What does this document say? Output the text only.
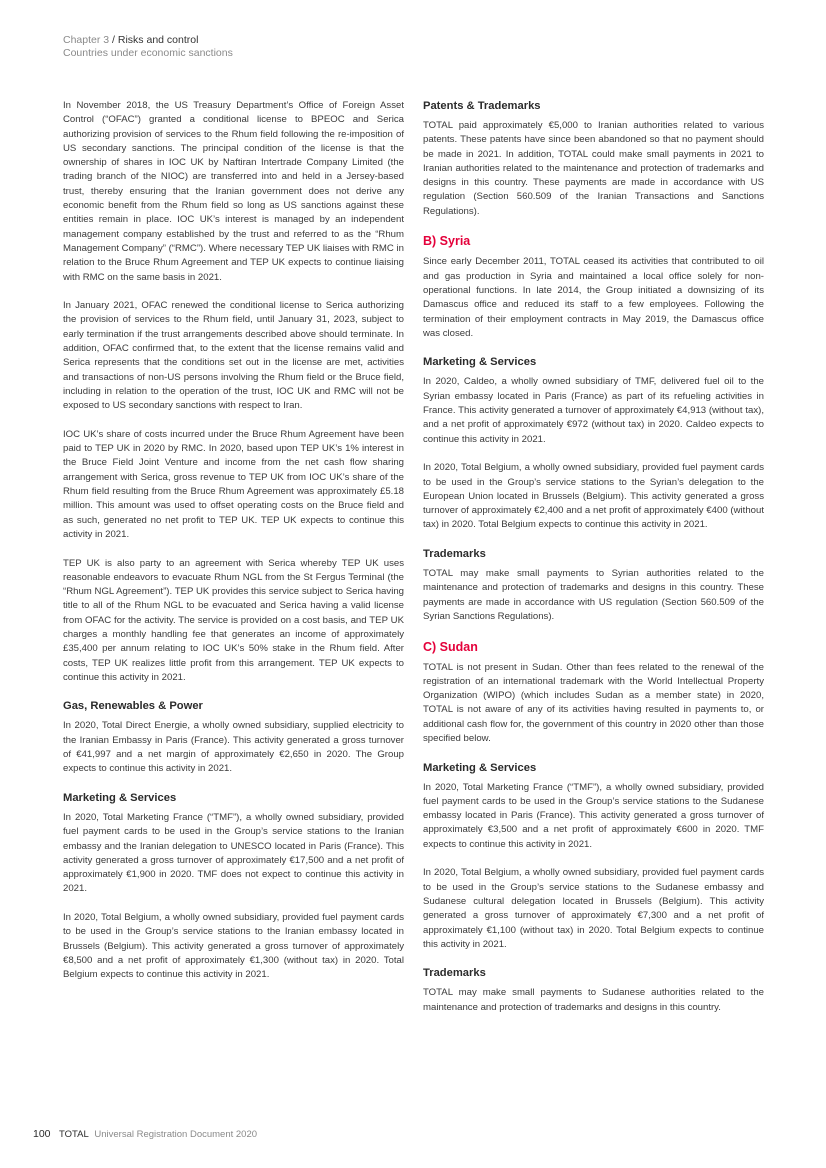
Chapter 3 / Risks and control
Countries under economic sanctions

In November 2018, the US Treasury Department’s Office of Foreign Asset Control (“OFAC”) granted a conditional license to BPEOC and Serica authorizing provision of services to the Rhum field following the re-imposition of US secondary sanctions. The principal condition of the license is that the ownership of shares in IOC UK by Naftiran Intertrade Company Limited (the trading branch of the NIOC) are transferred into and held in a Jersey-based trust, thereby ensuring that the Iranian government does not derive any economic benefit from the Rhum field so long as US sanctions against these entities remain in place. IOC UK’s interest is managed by an independent management company established by the trust and referred to as the “Rhum Management Company” (“RMC”). Where necessary TEP UK liaises with RMC in relation to the Bruce Rhum Agreement and TEP UK expects to continue liaising with RMC on the same basis in 2021.

In January 2021, OFAC renewed the conditional license to Serica authorizing the provision of services to the Rhum field, until January 31, 2023, subject to early termination if the trust arrangements described above should terminate. In addition, OFAC confirmed that, to the extent that the license remains valid and Serica represents that the conditions set out in the license are met, activities and transactions of non-US persons involving the Rhum field or the Bruce field, including in relation to the operation of the trust, IOC UK and RMC will not be exposed to US secondary sanctions with respect to Iran.

IOC UK’s share of costs incurred under the Bruce Rhum Agreement have been paid to TEP UK in 2020 by RMC. In 2020, based upon TEP UK’s 1% interest in the Bruce Field Joint Venture and income from the net cash flow sharing arrangement with Serica, gross revenue to TEP UK from IOC UK’s share of the Rhum field resulting from the Bruce Rhum Agreement was approximately £5.18 million. This amount was used to offset operating costs on the Bruce field and as such, generated no net profit to TEP UK. TEP UK expects to continue this activity in 2021.

TEP UK is also party to an agreement with Serica whereby TEP UK uses reasonable endeavors to evacuate Rhum NGL from the St Fergus Terminal (the “Rhum NGL Agreement”). TEP UK provides this service subject to Serica having title to all of the Rhum NGL to be evacuated and Serica having a valid license from OFAC for the activity. The service is provided on a cost basis, and TEP UK charges a monthly handling fee that generates an income of approximately £35,400 per annum relating to IOC UK’s 50% stake in the Rhum field. After costs, TEP UK realizes little profit from this arrangement. TEP UK expects to continue this activity in 2021.

Gas, Renewables & Power

In 2020, Total Direct Energie, a wholly owned subsidiary, supplied electricity to the Iranian Embassy in Paris (France). This activity generated a gross turnover of €41,997 and a net margin of approximately €2,650 in 2020. The Group expects to continue this activity in 2021.

Marketing & Services

In 2020, Total Marketing France (“TMF”), a wholly owned subsidiary, provided fuel payment cards to be used in the Group’s service stations to the Iranian embassy and the Iranian delegation to UNESCO located in Paris (France). This activity generated a gross turnover of approximately €17,500 and a net profit of approximately €1,900 in 2020. TMF does not expect to continue this activity in 2021.

In 2020, Total Belgium, a wholly owned subsidiary, provided fuel payment cards to be used in the Group’s service stations to the Iranian embassy located in Brussels (Belgium). This activity generated a gross turnover of approximately €8,500 and a net profit of approximately €1,300 (without tax) in 2020. Total Belgium expects to continue this activity in 2021.

Patents & Trademarks

TOTAL paid approximately €5,000 to Iranian authorities related to various patents. These patents have since been abandoned so that no payment should be made in 2021. In addition, TOTAL could make small payments in 2021 to Iranian authorities related to the maintenance and protection of trademarks and designs in this country. These payments are made in accordance with US regulation (Section 560.509 of the Iranian Transactions and Sanctions Regulations).

B) Syria

Since early December 2011, TOTAL ceased its activities that contributed to oil and gas production in Syria and maintained a local office solely for non-operational functions. In late 2014, the Group initiated a downsizing of its Damascus office and reduced its staff to a few employees. Following the termination of their employment contracts in May 2019, the Damascus office was closed.

Marketing & Services

In 2020, Caldeo, a wholly owned subsidiary of TMF, delivered fuel oil to the Syrian embassy located in Paris (France) as part of its refueling activities in France. This activity generated a turnover of approximately €4,913 (without tax), and a net profit of approximately €972 (without tax) in 2020. Caldeo expects to continue this activity in 2021.

In 2020, Total Belgium, a wholly owned subsidiary, provided fuel payment cards to be used in the Group’s service stations to the Syrian’s delegation to the European Union located in Brussels (Belgium). This activity generated a gross turnover of approximately €2,400 and a net profit of approximately €400 (without tax) in 2020. Total Belgium expects to continue this activity in 2021.

Trademarks

TOTAL may make small payments to Syrian authorities related to the maintenance and protection of trademarks and designs in this country. These payments are made in accordance with US regulation (Section 560.509 of the Syrian Sanctions Regulations).

C) Sudan

TOTAL is not present in Sudan. Other than fees related to the renewal of the registration of an international trademark with the World Intellectual Property Organization (WIPO) (which includes Sudan as a member state) in 2020, TOTAL is not aware of any of its activities having resulted in payments to, or additional cash flow for, the government of this country in 2020 other than those specified below.

Marketing & Services

In 2020, Total Marketing France (“TMF”), a wholly owned subsidiary, provided fuel payment cards to be used in the Group’s service stations to the Sudanese embassy located in Paris (France). This activity generated a gross turnover of approximately €3,500 and a net profit of approximately €600 in 2020. TMF expects to continue this activity in 2021.

In 2020, Total Belgium, a wholly owned subsidiary, provided fuel payment cards to be used in the Group’s service stations to the Sudanese embassy and Sudanese cultural delegation located in Brussels (Belgium). This activity generated a gross turnover of approximately €7,300 and a net profit of approximately €1,100 (without tax) in 2020. Total Belgium expects to continue this activity in 2021.

Trademarks

TOTAL may make small payments to Sudanese authorities related to the maintenance and protection of trademarks and designs in this country.

100 TOTAL Universal Registration Document 2020
